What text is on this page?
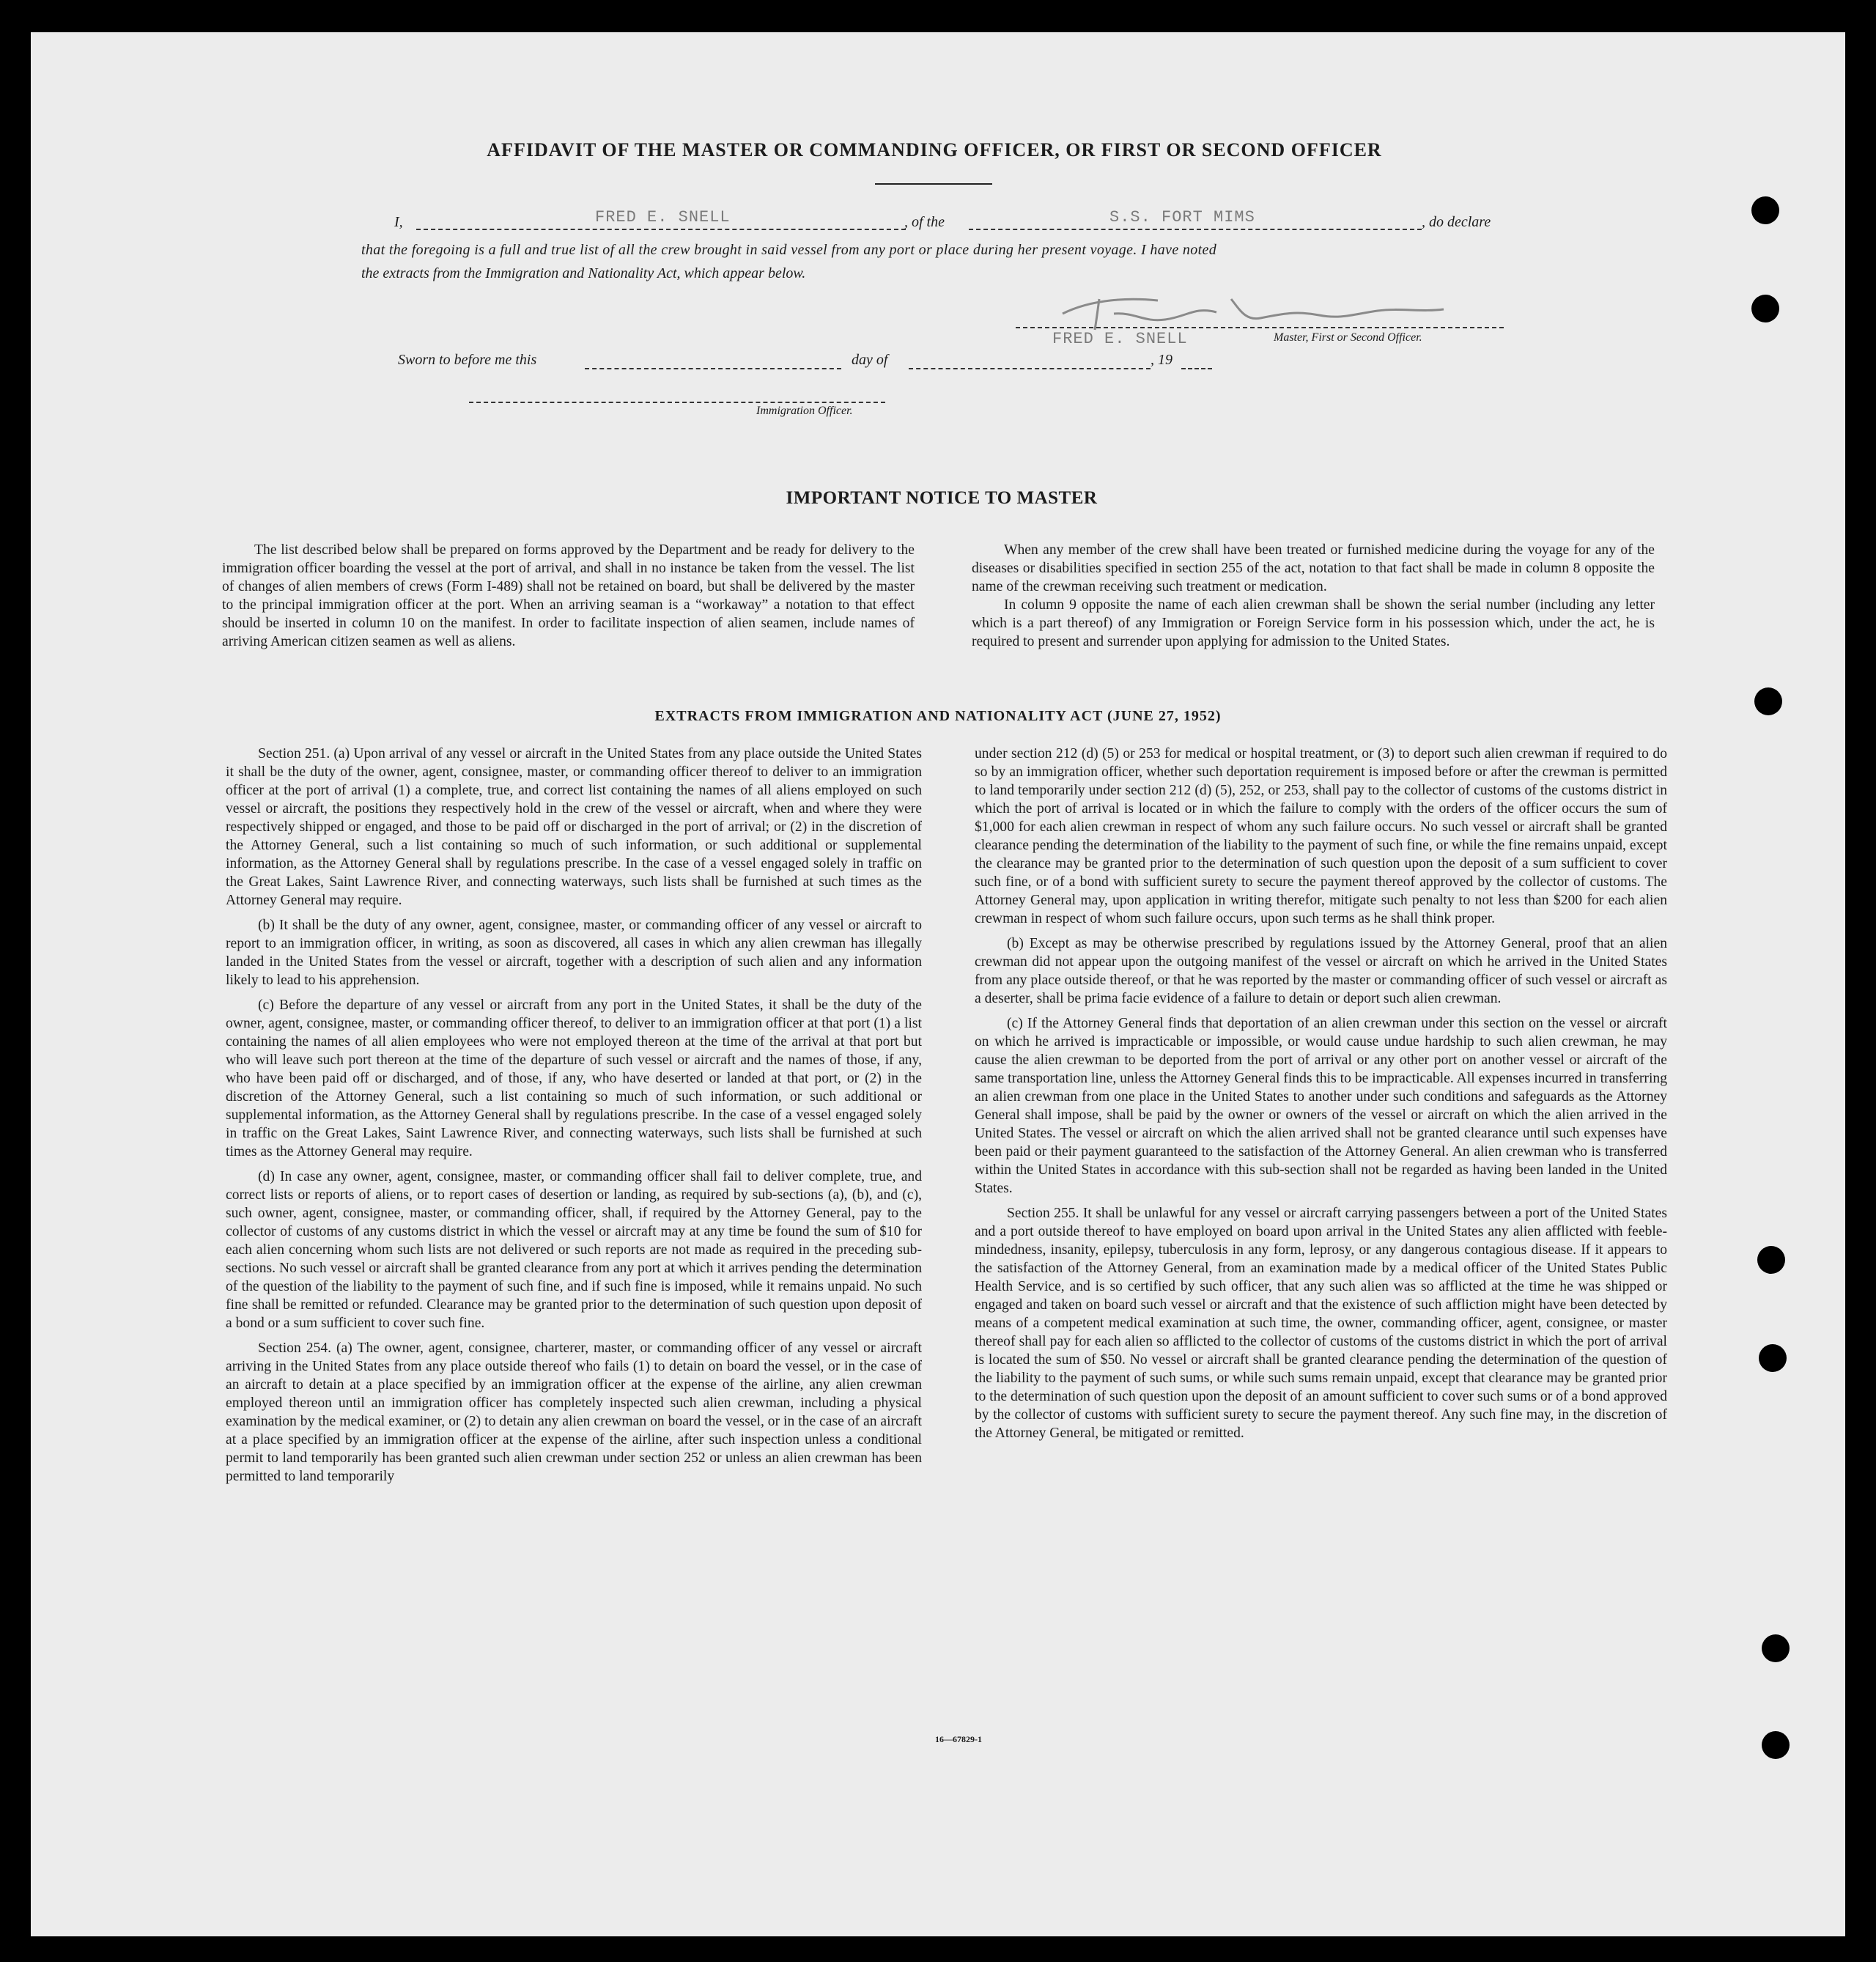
AFFIDAVIT OF THE MASTER OR COMMANDING OFFICER, OR FIRST OR SECOND OFFICER
I,	FRED E. SNELL	, of the	S.S. FORT MIMS	, do declare
that the foregoing is a full and true list of all the crew brought in said vessel from any port or place during her present voyage. I have noted
the extracts from the Immigration and Nationality Act, which appear below.
FRED E. SNELL	Master, First or Second Officer.
Sworn to before me this	day of	, 19
Immigration Officer.
IMPORTANT NOTICE TO MASTER

The list described below shall be prepared on forms approved by the Department and be ready for delivery to the immigration officer boarding the vessel at the port of arrival, and shall in no instance be taken from the vessel. The list of changes of alien members of crews (Form I-489) shall not be retained on board, but shall be delivered by the master to the principal immigration officer at the port. When an arriving seaman is a “workaway” a notation to that effect should be inserted in column 10 on the manifest. In order to facilitate inspection of alien seamen, include names of arriving American citizen seamen as well as aliens.

When any member of the crew shall have been treated or furnished medicine during the voyage for any of the diseases or disabilities specified in section 255 of the act, notation to that fact shall be made in column 8 opposite the name of the crewman receiving such treatment or medication.

In column 9 opposite the name of each alien crewman shall be shown the serial number (including any letter which is a part thereof) of any Immigration or Foreign Service form in his possession which, under the act, he is required to present and surrender upon applying for admission to the United States.

EXTRACTS FROM IMMIGRATION AND NATIONALITY ACT (JUNE 27, 1952)

Section 251. (a) Upon arrival of any vessel or aircraft in the United States from any place outside the United States it shall be the duty of the owner, agent, consignee, master, or commanding officer thereof to deliver to an immigration officer at the port of arrival (1) a complete, true, and correct list containing the names of all aliens employed on such vessel or aircraft, the positions they respectively hold in the crew of the vessel or aircraft, when and where they were respectively shipped or engaged, and those to be paid off or discharged in the port of arrival; or (2) in the discretion of the Attorney General, such a list containing so much of such information, or such additional or supplemental information, as the Attorney General shall by regulations prescribe. In the case of a vessel engaged solely in traffic on the Great Lakes, Saint Lawrence River, and connecting waterways, such lists shall be furnished at such times as the Attorney General may require.

(b) It shall be the duty of any owner, agent, consignee, master, or commanding officer of any vessel or aircraft to report to an immigration officer, in writing, as soon as discovered, all cases in which any alien crewman has illegally landed in the United States from the vessel or aircraft, together with a description of such alien and any information likely to lead to his apprehension.

(c) Before the departure of any vessel or aircraft from any port in the United States, it shall be the duty of the owner, agent, consignee, master, or commanding officer thereof, to deliver to an immigration officer at that port (1) a list containing the names of all alien employees who were not employed thereon at the time of the arrival at that port but who will leave such port thereon at the time of the departure of such vessel or aircraft and the names of those, if any, who have been paid off or discharged, and of those, if any, who have deserted or landed at that port, or (2) in the discretion of the Attorney General, such a list containing so much of such information, or such additional or supplemental information, as the Attorney General shall by regulations prescribe. In the case of a vessel engaged solely in traffic on the Great Lakes, Saint Lawrence River, and connecting waterways, such lists shall be furnished at such times as the Attorney General may require.

(d) In case any owner, agent, consignee, master, or commanding officer shall fail to deliver complete, true, and correct lists or reports of aliens, or to report cases of desertion or landing, as required by sub-sections (a), (b), and (c), such owner, agent, consignee, master, or commanding officer, shall, if required by the Attorney General, pay to the collector of customs of any customs district in which the vessel or aircraft may at any time be found the sum of $10 for each alien concerning whom such lists are not delivered or such reports are not made as required in the preceding sub-sections. No such vessel or aircraft shall be granted clearance from any port at which it arrives pending the determination of the question of the liability to the payment of such fine, and if such fine is imposed, while it remains unpaid. No such fine shall be remitted or refunded. Clearance may be granted prior to the determination of such question upon deposit of a bond or a sum sufficient to cover such fine.

Section 254. (a) The owner, agent, consignee, charterer, master, or commanding officer of any vessel or aircraft arriving in the United States from any place outside thereof who fails (1) to detain on board the vessel, or in the case of an aircraft to detain at a place specified by an immigration officer at the expense of the airline, any alien crewman employed thereon until an immigration officer has completely inspected such alien crewman, including a physical examination by the medical examiner, or (2) to detain any alien crewman on board the vessel, or in the case of an aircraft at a place specified by an immigration officer at the expense of the airline, after such inspection unless a conditional permit to land temporarily has been granted such alien crewman under section 252 or unless an alien crewman has been permitted to land temporarily

under section 212 (d) (5) or 253 for medical or hospital treatment, or (3) to deport such alien crewman if required to do so by an immigration officer, whether such deportation requirement is imposed before or after the crewman is permitted to land temporarily under section 212 (d) (5), 252, or 253, shall pay to the collector of customs of the customs district in which the port of arrival is located or in which the failure to comply with the orders of the officer occurs the sum of $1,000 for each alien crewman in respect of whom any such failure occurs. No such vessel or aircraft shall be granted clearance pending the determination of the liability to the payment of such fine, or while the fine remains unpaid, except the clearance may be granted prior to the determination of such question upon the deposit of a sum sufficient to cover such fine, or of a bond with sufficient surety to secure the payment thereof approved by the collector of customs. The Attorney General may, upon application in writing therefor, mitigate such penalty to not less than $200 for each alien crewman in respect of whom such failure occurs, upon such terms as he shall think proper.

(b) Except as may be otherwise prescribed by regulations issued by the Attorney General, proof that an alien crewman did not appear upon the outgoing manifest of the vessel or aircraft on which he arrived in the United States from any place outside thereof, or that he was reported by the master or commanding officer of such vessel or aircraft as a deserter, shall be prima facie evidence of a failure to detain or deport such alien crewman.

(c) If the Attorney General finds that deportation of an alien crewman under this section on the vessel or aircraft on which he arrived is impracticable or impossible, or would cause undue hardship to such alien crewman, he may cause the alien crewman to be deported from the port of arrival or any other port on another vessel or aircraft of the same transportation line, unless the Attorney General finds this to be impracticable. All expenses incurred in transferring an alien crewman from one place in the United States to another under such conditions and safeguards as the Attorney General shall impose, shall be paid by the owner or owners of the vessel or aircraft on which the alien arrived in the United States. The vessel or aircraft on which the alien arrived shall not be granted clearance until such expenses have been paid or their payment guaranteed to the satisfaction of the Attorney General. An alien crewman who is transferred within the United States in accordance with this sub-section shall not be regarded as having been landed in the United States.

Section 255. It shall be unlawful for any vessel or aircraft carrying passengers between a port of the United States and a port outside thereof to have employed on board upon arrival in the United States any alien afflicted with feeble-mindedness, insanity, epilepsy, tuberculosis in any form, leprosy, or any dangerous contagious disease. If it appears to the satisfaction of the Attorney General, from an examination made by a medical officer of the United States Public Health Service, and is so certified by such officer, that any such alien was so afflicted at the time he was shipped or engaged and taken on board such vessel or aircraft and that the existence of such affliction might have been detected by means of a competent medical examination at such time, the owner, commanding officer, agent, consignee, or master thereof shall pay for each alien so afflicted to the collector of customs of the customs district in which the port of arrival is located the sum of $50. No vessel or aircraft shall be granted clearance pending the determination of the question of the liability to the payment of such sums, or while such sums remain unpaid, except that clearance may be granted prior to the determination of such question upon the deposit of an amount sufficient to cover such sums or of a bond approved by the collector of customs with sufficient surety to secure the payment thereof. Any such fine may, in the discretion of the Attorney General, be mitigated or remitted.

16—67829-1
